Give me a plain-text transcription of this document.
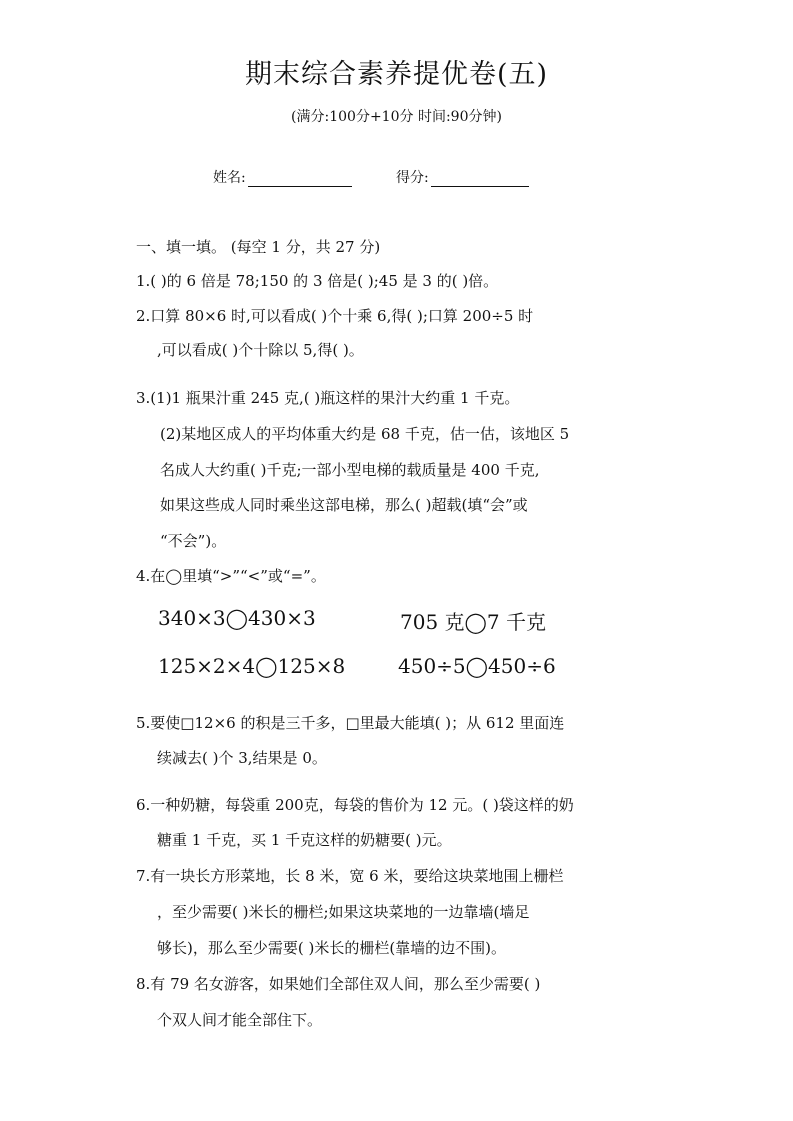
期末综合素养提优卷(五)
(满分:100分+10分 时间:90分钟)
姓名:	得分:
一、填一填。 (每空 1 分，共 27 分)
1.( )的 6 倍是 78;150 的 3 倍是( );45 是 3 的( )倍。
2.口算 80×6 时,可以看成( )个十乘 6,得( );口算 200÷5 时
,可以看成( )个十除以 5,得( )。
3.(1)1 瓶果汁重 245 克,( )瓶这样的果汁大约重 1 千克。
(2)某地区成人的平均体重大约是 68 千克，估一估，该地区 5
名成人大约重( )千克;一部小型电梯的载质量是 400 千克,
如果这些成人同时乘坐这部电梯，那么( )超载(填“会”或
“不会”)。
4.在◯里填“>”“<”或“=”。
340×3◯430×3	705 克◯7 千克
125×2×4◯125×8	450÷5◯450÷6
5.要使□12×6 的积是三千多，□里最大能填( )；从 612 里面连
续减去( )个 3,结果是 0。
6.一种奶糖，每袋重 200克，每袋的售价为 12 元。( )袋这样的奶
糖重 1 千克，买 1 千克这样的奶糖要( )元。
7.有一块长方形菜地，长 8 米，宽 6 米，要给这块菜地围上栅栏
，至少需要( )米长的栅栏;如果这块菜地的一边靠墙(墙足
够长)，那么至少需要( )米长的栅栏(靠墙的边不围)。
8.有 79 名女游客，如果她们全部住双人间，那么至少需要( )
个双人间才能全部住下。
